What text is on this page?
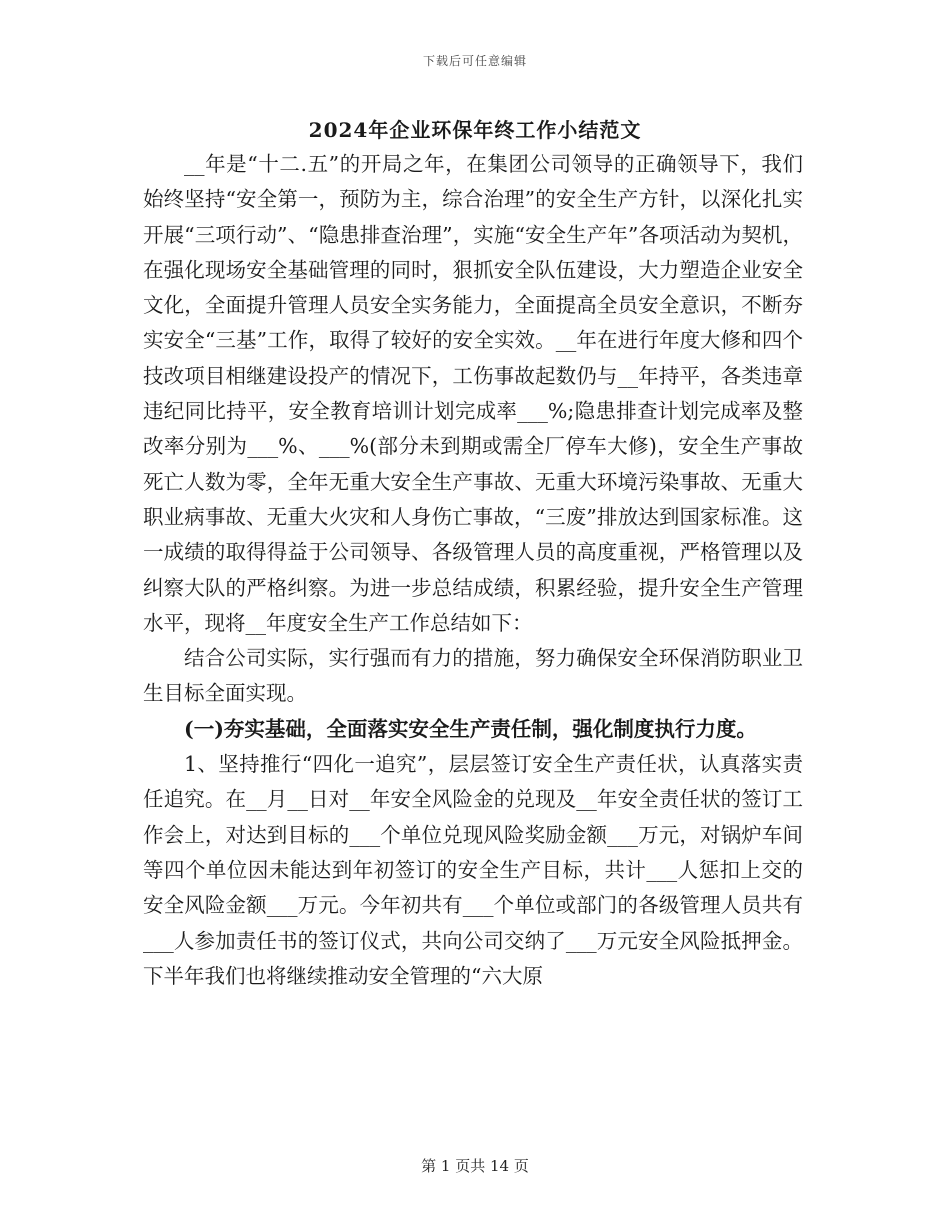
下载后可任意编辑
2024年企业环保年终工作小结范文

__年是“十二.五”的开局之年，在集团公司领导的正确领导下，我们始终坚持“安全第一，预防为主，综合治理”的安全生产方针，以深化扎实开展“三项行动”、“隐患排查治理”，实施“安全生产年”各项活动为契机，在强化现场安全基础管理的同时，狠抓安全队伍建设，大力塑造企业安全文化，全面提升管理人员安全实务能力，全面提高全员安全意识，不断夯实安全“三基”工作，取得了较好的安全实效。__年在进行年度大修和四个技改项目相继建设投产的情况下，工伤事故起数仍与__年持平，各类违章违纪同比持平，安全教育培训计划完成率___%;隐患排查计划完成率及整改率分别为___%、___%(部分未到期或需全厂停车大修)，安全生产事故死亡人数为零，全年无重大安全生产事故、无重大环境污染事故、无重大职业病事故、无重大火灾和人身伤亡事故，“三废”排放达到国家标准。这一成绩的取得得益于公司领导、各级管理人员的高度重视，严格管理以及纠察大队的严格纠察。为进一步总结成绩，积累经验，提升安全生产管理水平，现将__年度安全生产工作总结如下：

结合公司实际，实行强而有力的措施，努力确保安全环保消防职业卫生目标全面实现。

(一)夯实基础，全面落实安全生产责任制，强化制度执行力度。

1、坚持推行“四化一追究”，层层签订安全生产责任状，认真落实责任追究。在__月__日对__年安全风险金的兑现及__年安全责任状的签订工作会上，对达到目标的___个单位兑现风险奖励金额___万元，对锅炉车间等四个单位因未能达到年初签订的安全生产目标，共计___人惩扣上交的安全风险金额___万元。今年初共有___个单位或部门的各级管理人员共有___人参加责任书的签订仪式，共向公司交纳了___万元安全风险抵押金。下半年我们也将继续推动安全管理的“六大原

第 1 页共 14 页
